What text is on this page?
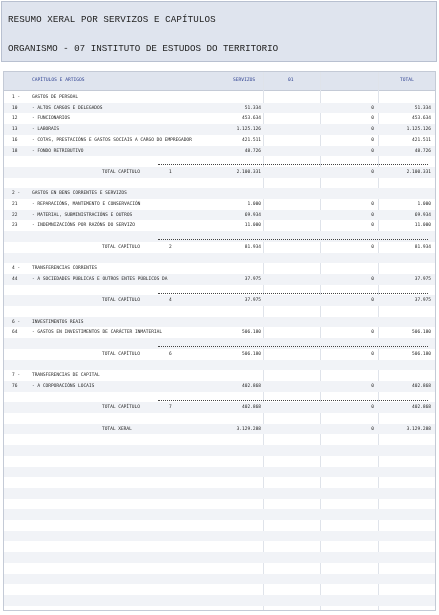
RESUMO XERAL POR SERVIZOS E CAPÍTULOS
ORGANISMO - 07 INSTITUTO DE ESTUDOS DO TERRITORIO
CAPÍTULOS E ARTIGOS	SERVIZOS	01	TOTAL
1 -	GASTOS DE PERSOAL
10	- ALTOS CARGOS E DELEGADOS	51.334	0	51.334
12	- FUNCIONARIOS	453.634	0	453.634
13	- LABORAIS	1.125.126	0	1.125.126
16	- COTAS, PRESTACIÓNS E GASTOS SOCIAIS A CARGO DO EMPREGADOR	421.511	0	421.511
18	- FONDO RETRIBUTIVO	48.726	0	48.726
TOTAL CAPÍTULO	1	2.100.331	0	2.100.331
2 -	GASTOS EN BENS CORRENTES E SERVIZOS
21	- REPARACIÓNS, MANTEMENTO E CONSERVACIÓN	1.000	0	1.000
22	- MATERIAL, SUBMINISTRACIÓNS E OUTROS	69.934	0	69.934
23	- INDEMNIZACIÓNS POR RAZÓNS DO SERVIZO	11.000	0	11.000
TOTAL CAPÍTULO	2	81.934	0	81.934
4 -	TRANSFERENCIAS CORRENTES
44	- A SOCIEDADES PÚBLICAS E OUTROS ENTES PÚBLICOS DA	37.975	0	37.975
TOTAL CAPÍTULO	4	37.975	0	37.975
6 -	INVESTIMENTOS REAIS
64	- GASTOS EN INVESTIMENTOS DE CARÁCTER INMATERIAL	506.180	0	506.180
TOTAL CAPÍTULO	6	506.180	0	506.180
7 -	TRANSFERENCIAS DE CAPITAL
76	- A CORPORACIÓNS LOCAIS	402.868	0	402.868
TOTAL CAPÍTULO	7	402.868	0	402.868
TOTAL XERAL	3.129.288	0	3.129.288
